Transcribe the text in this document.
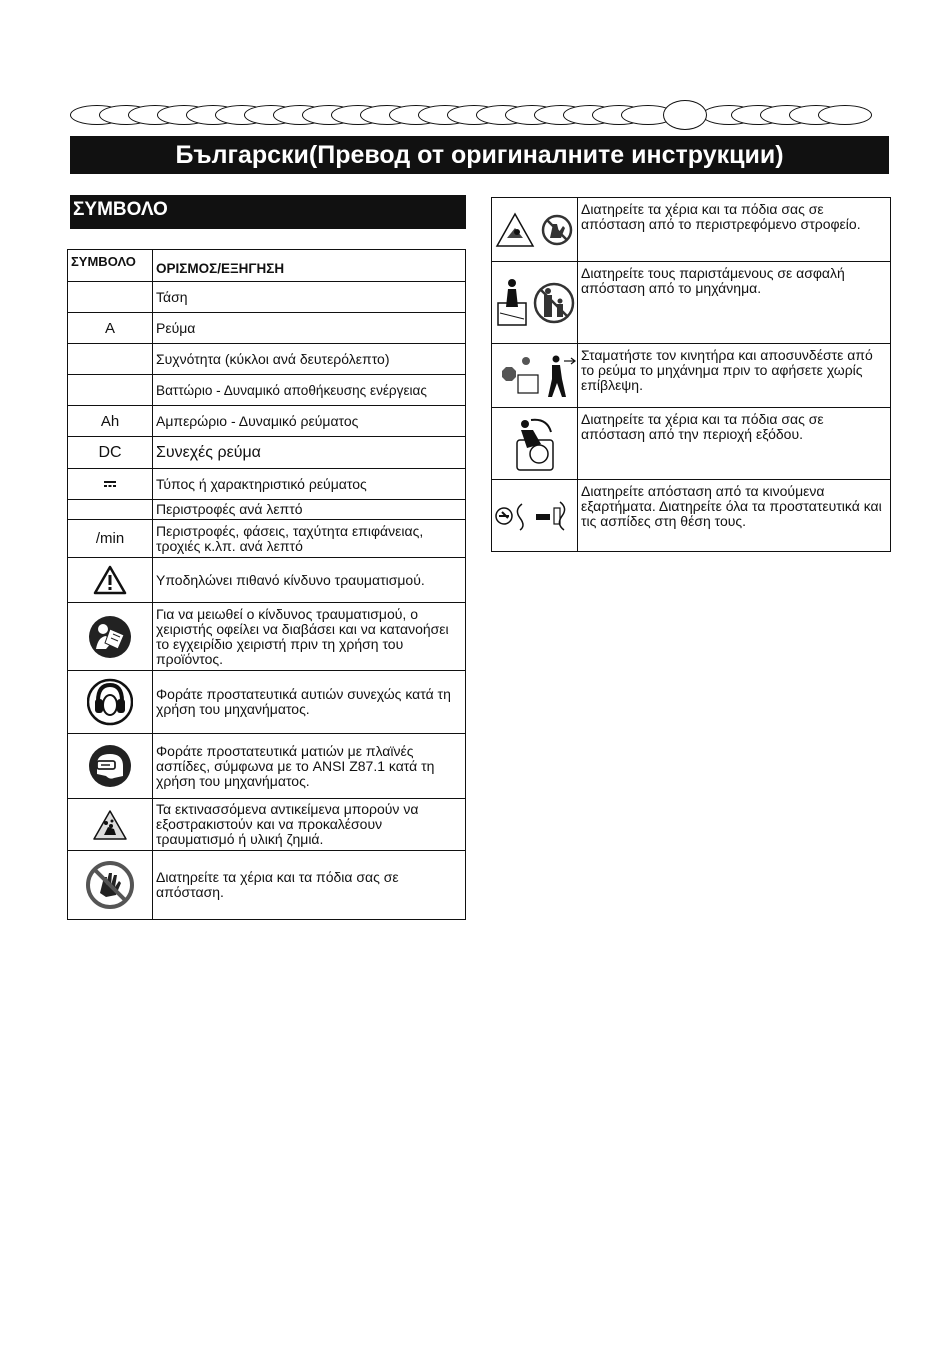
Български(Превод от оригиналните инструкции)
ΣΥΜΒΟΛΟ
ΣΥΜΒΟΛΟ	ΟΡΙΣΜΟΣ/ΕΞΗΓΗΣΗ
	Τάση
A	Ρεύμα
	Συχνότητα (κύκλοι ανά δευτερόλεπτο)
	Βαττώριο - Δυναμικό αποθήκευσης ενέργειας
Ah	Αμπερώριο - Δυναμικό ρεύματος
DC	Συνεχές ρεύμα

	Τύπος ή χαρακτηριστικό ρεύματος
	Περιστροφές ανά λεπτό
/min	Περιστροφές, φάσεις, ταχύτητα επιφάνειας, τροχιές κ.λπ. ανά λεπτό

	Υποδηλώνει πιθανό κίνδυνο τραυματισμού.

	Για να μειωθεί ο κίνδυνος τραυματισμού, ο χειριστής οφείλει να διαβάσει και να κατανοήσει το εγχειρίδιο χειριστή πριν τη χρήση του προϊόντος.

	Φοράτε προστατευτικά αυτιών συνεχώς κατά τη χρήση του μηχανήματος.

	Φοράτε προστατευτικά ματιών με πλαϊνές ασπίδες, σύμφωνα με το ANSI Z87.1 κατά τη χρήση του μηχανήματος.

	Τα εκτινασσόμενα αντικείμενα μπορούν να εξοστρακιστούν και να προκαλέσουν τραυματισμό ή υλική ζημιά.

	Διατηρείτε τα χέρια και τα πόδια σας σε απόσταση.
	Διατηρείτε τα χέρια και τα πόδια σας σε απόσταση από το περιστρεφόμενο στροφείο.

	Διατηρείτε τους παριστάμενους σε ασφαλή απόσταση από το μηχάνημα.

	Σταματήστε τον κινητήρα και αποσυνδέστε από το ρεύμα το μηχάνημα πριν το αφήσετε χωρίς επίβλεψη.

	Διατηρείτε τα χέρια και τα πόδια σας σε απόσταση από την περιοχή εξόδου.

	Διατηρείτε απόσταση από τα κινούμενα εξαρτήματα. Διατηρείτε όλα τα προστατευτικά και τις ασπίδες στη θέση τους.
